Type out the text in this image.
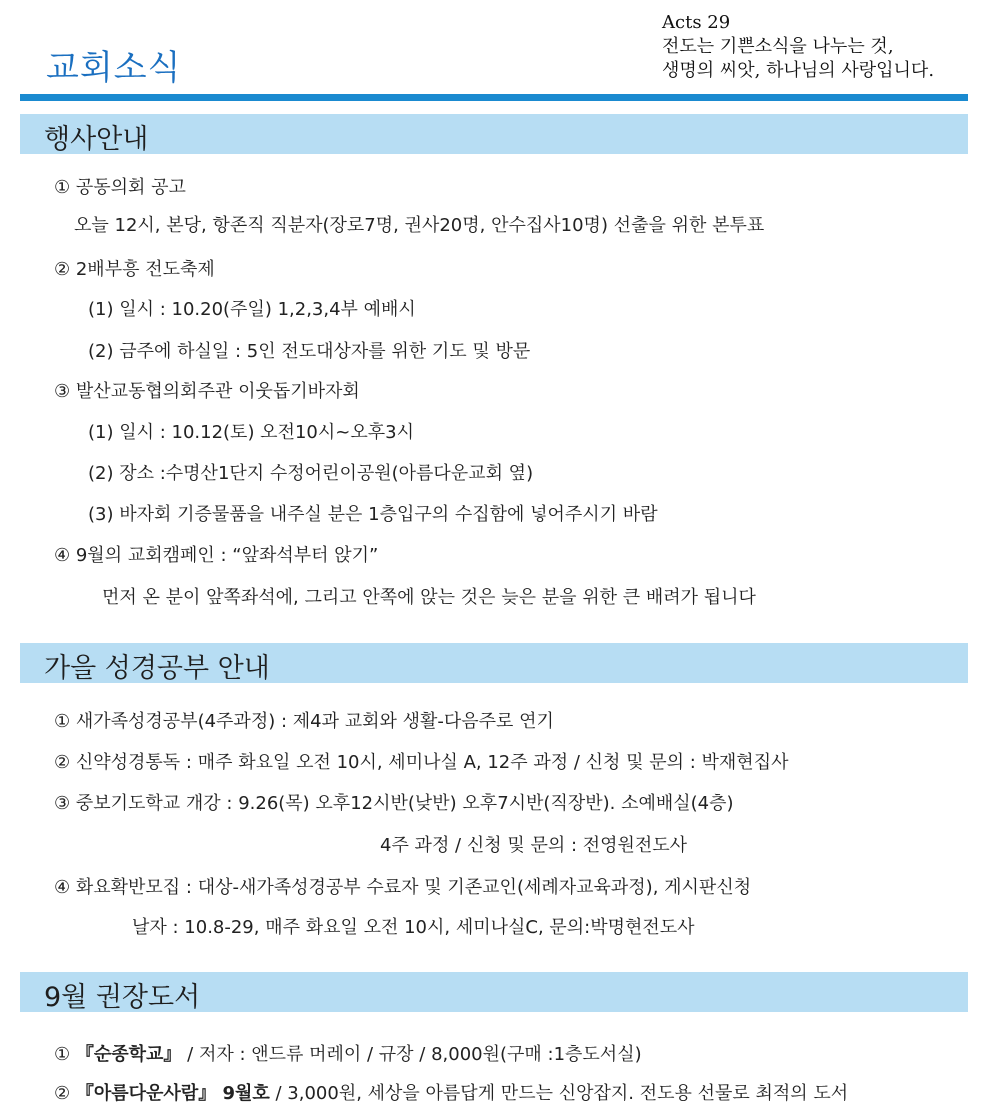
교회소식
Acts 29
전도는 기쁜소식을 나누는 것,
생명의 씨앗, 하나님의 사랑입니다.
행사안내
① 공동의회 공고
오늘 12시, 본당, 항존직 직분자(장로7명, 권사20명, 안수집사10명) 선출을 위한 본투표
② 2배부흥 전도축제
(1) 일시 : 10.20(주일) 1,2,3,4부 예배시
(2) 금주에 하실일 : 5인 전도대상자를 위한 기도 및 방문
③ 발산교동협의회주관 이웃돕기바자회
(1) 일시 : 10.12(토) 오전10시~오후3시
(2) 장소 :수명산1단지 수정어린이공원(아름다운교회 옆)
(3) 바자회 기증물품을 내주실 분은 1층입구의 수집함에 넣어주시기 바람
④ 9월의 교회캠페인 : “앞좌석부터 앉기”
먼저 온 분이 앞쪽좌석에, 그리고 안쪽에 앉는 것은 늦은 분을 위한 큰 배려가 됩니다
가을 성경공부 안내
① 새가족성경공부(4주과정) : 제4과 교회와 생활-다음주로 연기
② 신약성경통독 : 매주 화요일 오전 10시, 세미나실 A, 12주 과정 / 신청 및 문의 : 박재현집사
③ 중보기도학교 개강 : 9.26(목) 오후12시반(낮반) 오후7시반(직장반). 소예배실(4층)
4주 과정 / 신청 및 문의 : 전영원전도사
④ 화요확반모집 : 대상-새가족성경공부 수료자 및 기존교인(세례자교육과정), 게시판신청
날자 : 10.8-29, 매주 화요일 오전 10시, 세미나실C, 문의:박명현전도사
9월 권장도서
① 『순종학교』 / 저자 : 앤드류 머레이 / 규장 / 8,000원(구매 :1층도서실)
② 『아름다운사람』 9월호 / 3,000원, 세상을 아름답게 만드는 신앙잡지. 전도용 선물로 최적의 도서
